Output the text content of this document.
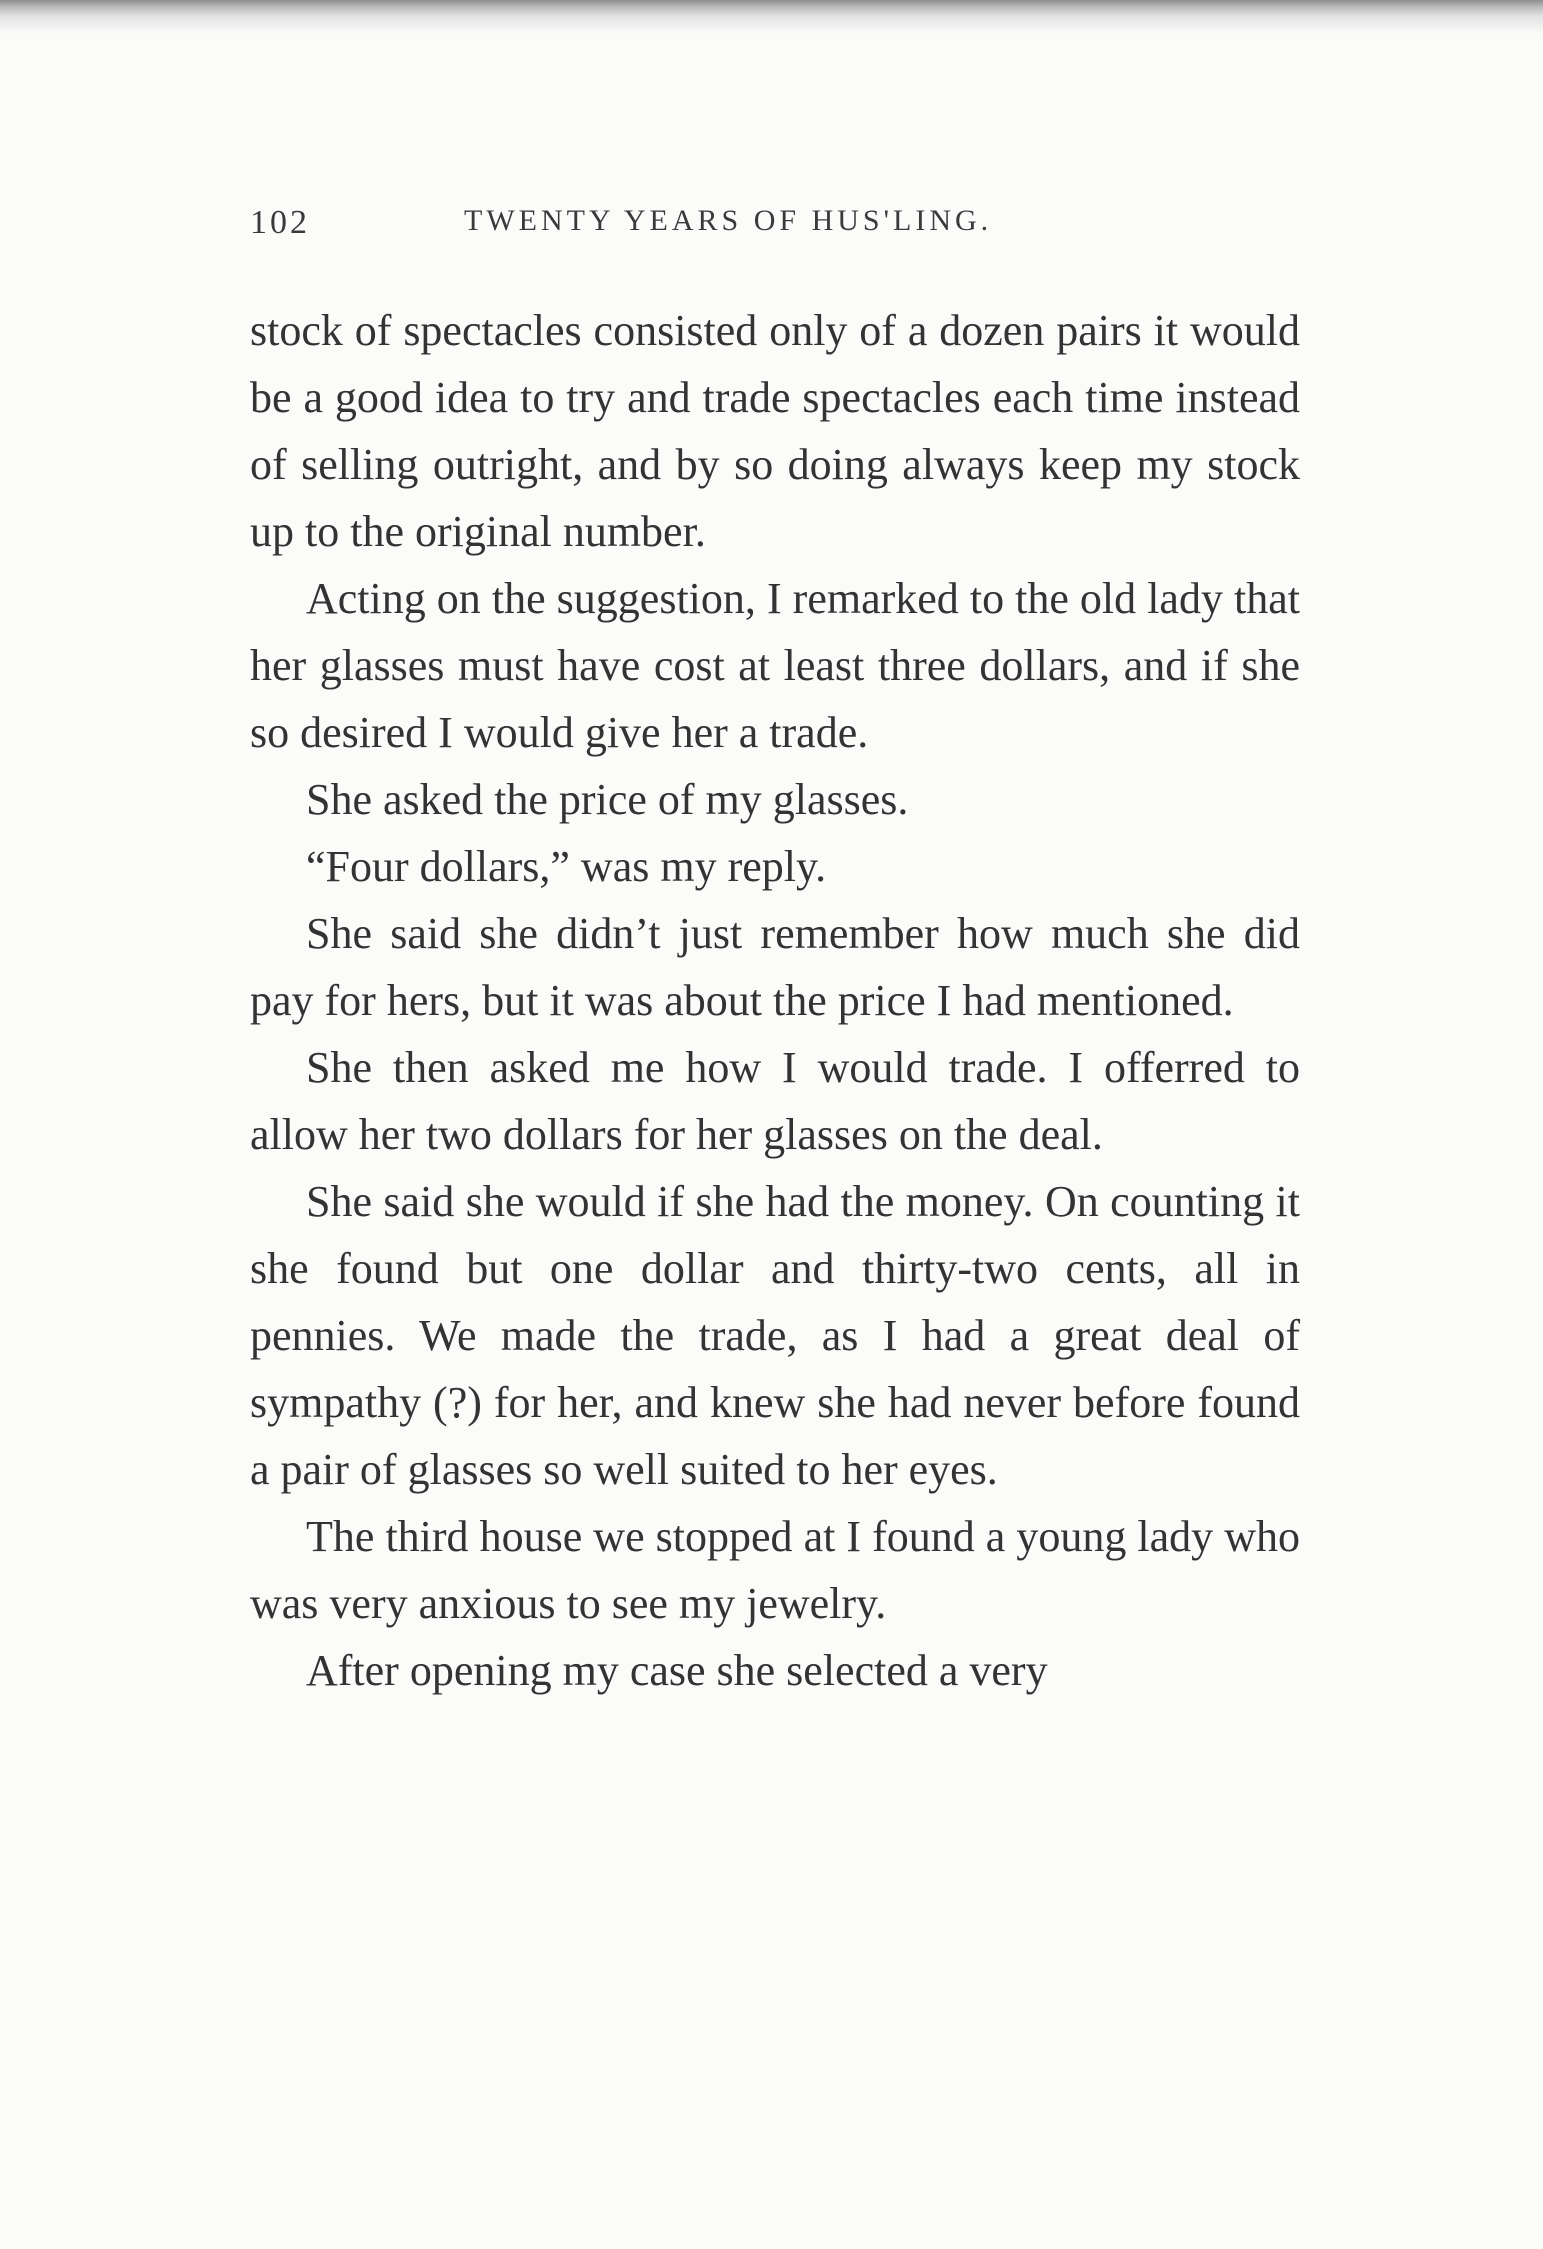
102	TWENTY YEARS OF HUS'LING.

stock of spectacles consisted only of a dozen pairs it would be a good idea to try and trade spectacles each time instead of selling outright, and by so doing always keep my stock up to the original number.

Acting on the suggestion, I remarked to the old lady that her glasses must have cost at least three dollars, and if she so desired I would give her a trade.

She asked the price of my glasses.

“Four dollars,” was my reply.

She said she didn’t just remember how much she did pay for hers, but it was about the price I had mentioned.

She then asked me how I would trade. I offerred to allow her two dollars for her glasses on the deal.

She said she would if she had the money. On counting it she found but one dollar and thirty-two cents, all in pennies. We made the trade, as I had a great deal of sympathy (?) for her, and knew she had never before found a pair of glasses so well suited to her eyes.

The third house we stopped at I found a young lady who was very anxious to see my jewelry.

After opening my case she selected a very
